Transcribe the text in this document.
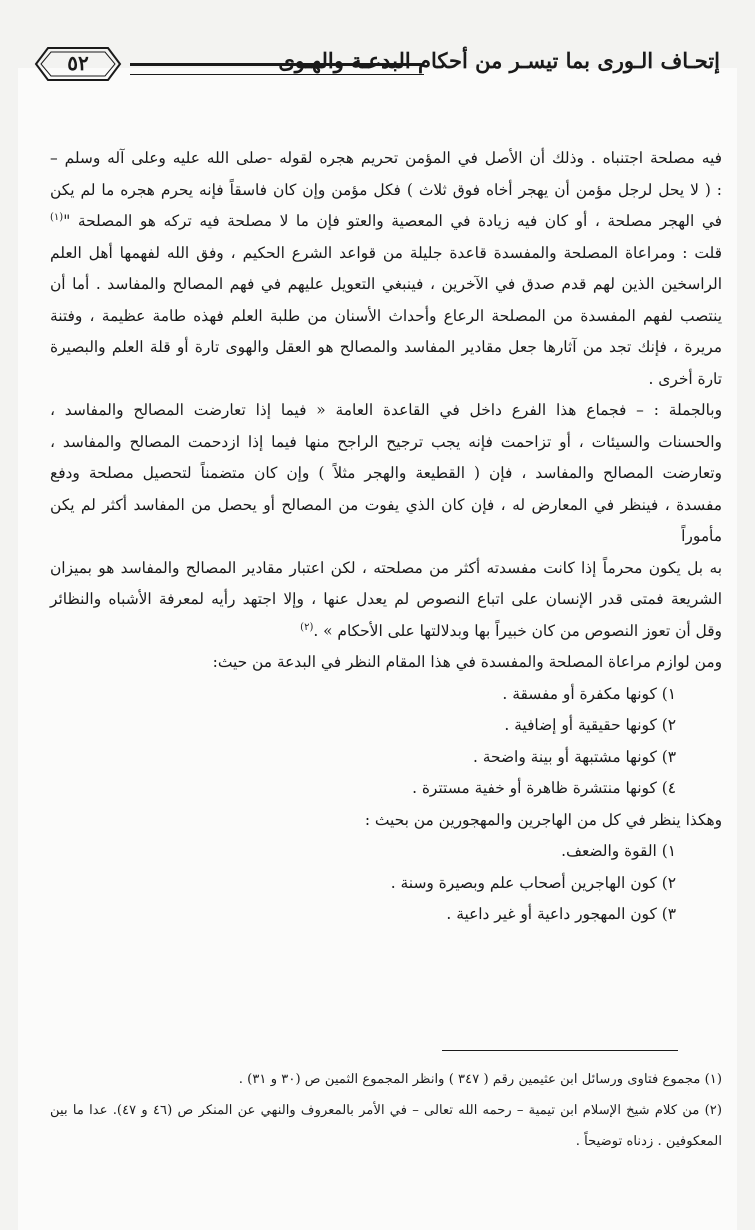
إتحـاف الـورى بما تيسـر من أحكام البدعـة والهـوى
٥٢

فيه مصلحة اجتنباه . وذلك أن الأصل في المؤمن تحريم هجره لقوله -صلى الله عليه وعلى آله وسلم –

: ( لا يحل لرجل مؤمن أن يهجر أخاه فوق ثلاث ) فكل مؤمن وإن كان فاسقاً فإنه يحرم هجره ما لم يكن

في الهجر مصلحة ، أو كان فيه زيادة في المعصية والعتو فإن ما لا مصلحة فيه تركه هو المصلحة "$^{(١)}$

قلت : ومراعاة المصلحة والمفسدة قاعدة جليلة من قواعد الشرع الحكيم ، وفق الله لفهمها أهل العلم

الراسخين الذين لهم قدم صدق في الآخرين ، فينبغي التعويل عليهم في فهم المصالح والمفاسد . أما أن

ينتصب لفهم المفسدة من المصلحة الرعاع وأحداث الأسنان من طلبة العلم فهذه طامة عظيمة ، وفتنة

مريرة ، فإنك تجد من آثارها جعل مقادير المفاسد والمصالح هو العقل والهوى تارة أو قلة العلم والبصيرة

تارة أخرى .

وبالجملة : – فجماع هذا الفرع داخل في القاعدة العامة « فيما إذا تعارضت المصالح والمفاسد ،

والحسنات والسيئات ، أو تزاحمت فإنه يجب ترجيح الراجح منها فيما إذا ازدحمت المصالح والمفاسد ،

وتعارضت المصالح والمفاسد ، فإن ( القطيعة والهجر مثلاً ) وإن كان متضمناً لتحصيل مصلحة ودفع

مفسدة ، فينظر في المعارض له ، فإن كان الذي يفوت من المصالح أو يحصل من المفاسد أكثر لم يكن مأموراً

به بل يكون محرماً إذا كانت مفسدته أكثر من مصلحته ، لكن اعتبار مقادير المصالح والمفاسد هو بميزان

الشريعة فمتى قدر الإنسان على اتباع النصوص لم يعدل عنها ، وإلا اجتهد رأيه لمعرفة الأشباه والنظائر

وقل أن تعوز النصوص من كان خبيراً بها وبدلالتها على الأحكام » .$^{(٢)}$

ومن لوازم مراعاة المصلحة والمفسدة في هذا المقام النظر في البدعة من حيث:

١) كونها مكفرة أو مفسقة .

٢) كونها حقيقية أو إضافية .

٣) كونها مشتبهة أو بينة واضحة .

٤) كونها منتشرة ظاهرة أو خفية مستترة .

وهكذا ينظر في كل من الهاجرين والمهجورين من بحيث :

١) القوة والضعف.

٢) كون الهاجرين أصحاب علم وبصيرة وسنة .

٣) كون المهجور داعية أو غير داعية .

(١) مجموع فتاوى ورسائل ابن عثيمين رقم ( ٣٤٧ ) وانظر المجموع الثمين ص (٣٠ و ٣١) .

(٢) من كلام شيخ الإسلام ابن تيمية – رحمه الله تعالى – في الأمر بالمعروف والنهي عن المنكر ص (٤٦ و ٤٧). عدا ما بين

المعكوفين . زدناه توضيحاً .
